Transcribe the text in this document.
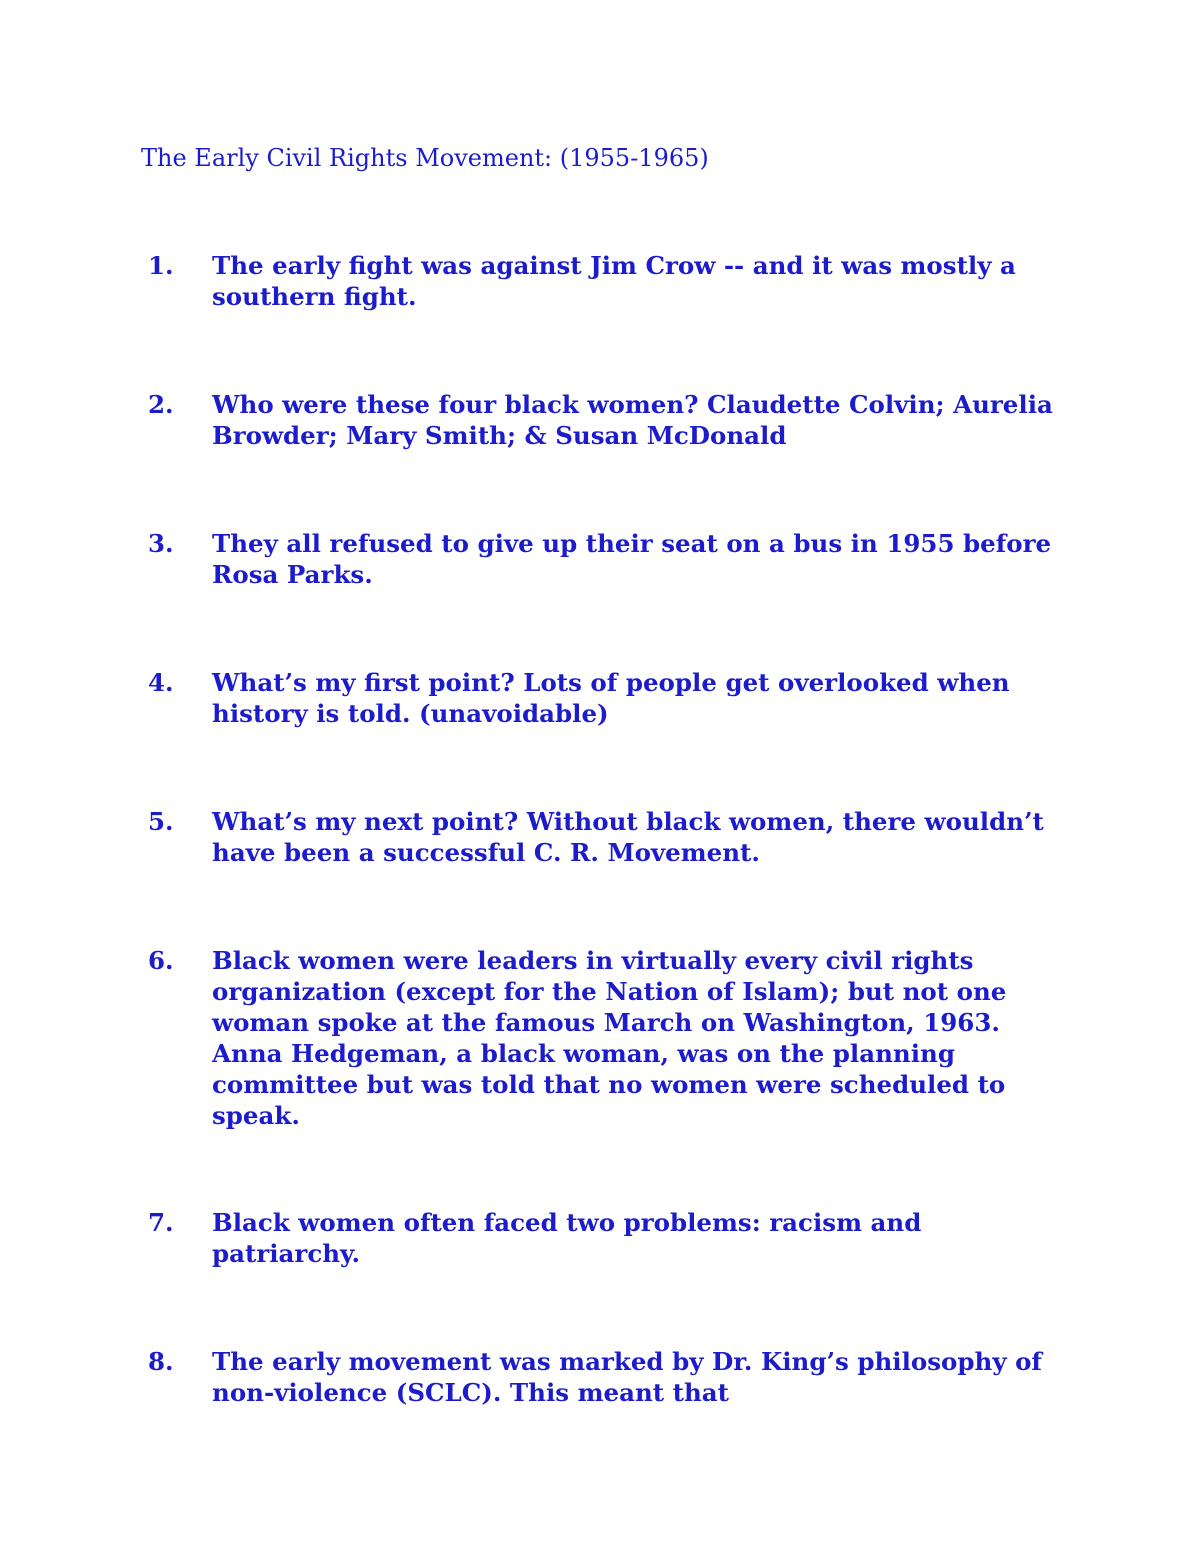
The Early Civil Rights Movement: (1955-1965)
1.	The early fight was against Jim Crow -- and it was mostly a southern fight.
2.	Who were these four black women? Claudette Colvin; Aurelia Browder; Mary Smith; & Susan McDonald
3.	They all refused to give up their seat on a bus in 1955 before Rosa Parks.
4.	What’s my first point? Lots of people get overlooked when history is told. (unavoidable)
5.	What’s my next point? Without black women, there wouldn’t have been a successful C. R. Movement.
6.	Black women were leaders in virtually every civil rights organization (except for the Nation of Islam); but not one woman spoke at the famous March on Washington, 1963. Anna Hedgeman, a black woman, was on the planning committee but was told that no women were scheduled to speak.
7.	Black women often faced two problems: racism and patriarchy.
8.	The early movement was marked by Dr. King’s philosophy of non-violence (SCLC). This meant that
